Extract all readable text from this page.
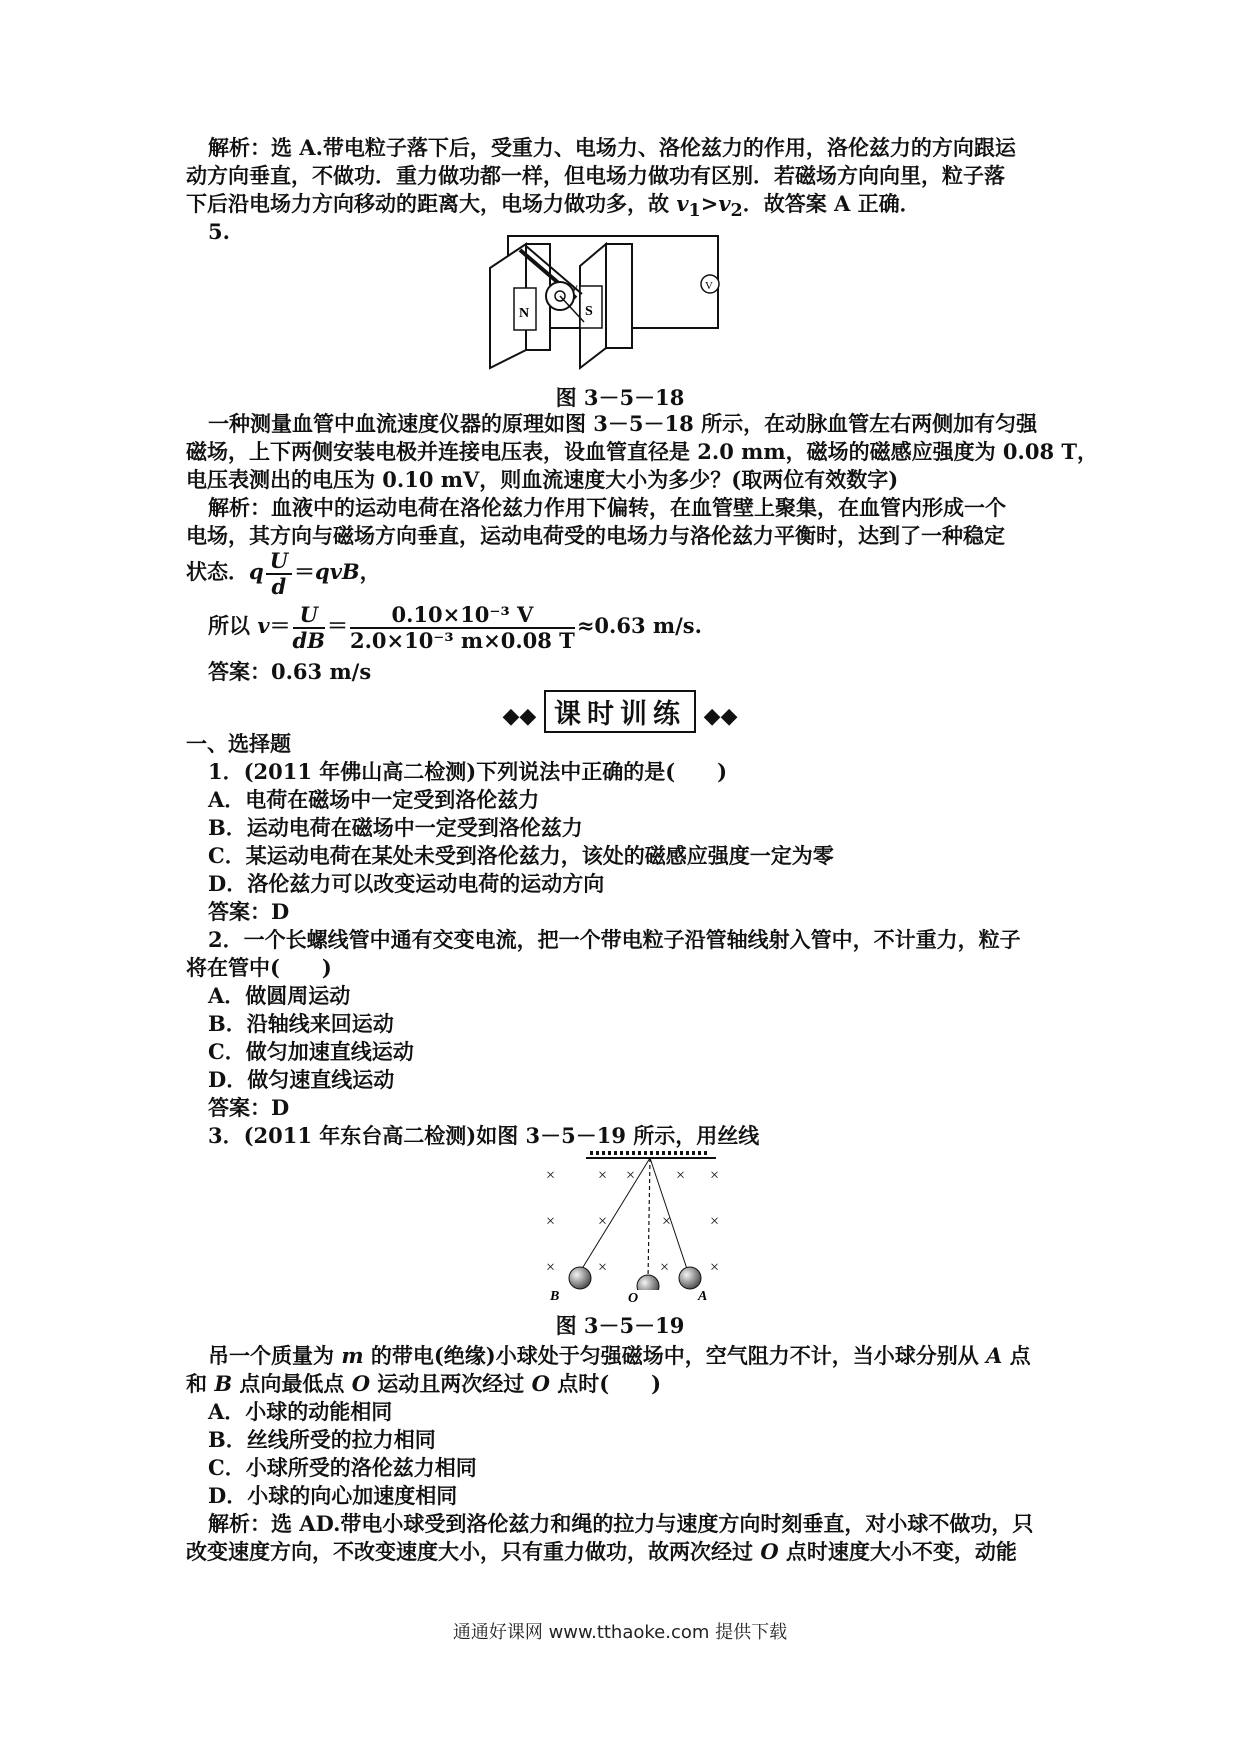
解析：选 A.带电粒子落下后，受重力、电场力、洛伦兹力的作用，洛伦兹力的方向跟运
动方向垂直，不做功．重力做功都一样，但电场力做功有区别．若磁场方向向里，粒子落
下后沿电场力方向移动的距离大，电场力做功多，故 $v_1>v_2$．故答案 A 正确．
5.
N	S
v	V
图 3－5－18
一种测量血管中血流速度仪器的原理如图 3－5－18 所示，在动脉血管左右两侧加有匀强
磁场，上下两侧安装电极并连接电压表，设血管直径是 2.0 mm，磁场的磁感应强度为 0.08 T，
电压表测出的电压为 0.10 mV，则血流速度大小为多少？(取两位有效数字)
解析：血液中的运动电荷在洛伦兹力作用下偏转，在血管壁上聚集，在血管内形成一个
电场，其方向与磁场方向垂直，运动电荷受的电场力与洛伦兹力平衡时，达到了一种稳定
状态．q $\frac{U}{d} =qvB$，
所以 $v= \frac{U}{dB} = \frac{\text{0.10×10⁻³ V}}{\text{2.0×10⁻³ m×0.08 T}} \approx 0.63$ m/s.
答案：0.63 m/s
◆◆ 课时训练 ◆◆
一、选择题
1．(2011 年佛山高二检测)下列说法中正确的是(　　)
A．电荷在磁场中一定受到洛伦兹力
B．运动电荷在磁场中一定受到洛伦兹力
C．某运动电荷在某处未受到洛伦兹力，该处的磁感应强度一定为零
D．洛伦兹力可以改变运动电荷的运动方向
答案：D
2．一个长螺线管中通有交变电流，把一个带电粒子沿管轴线射入管中，不计重力，粒子
将在管中(　　)
A．做圆周运动
B．沿轴线来回运动
C．做匀加速直线运动
D．做匀速直线运动
答案：D
3．(2011 年东台高二检测)如图 3－5－19 所示，用丝线
×	× ×	× ×
×	×	× ×
×	×	×	×
B	O	A
图 3－5－19
吊一个质量为 m 的带电(绝缘)小球处于匀强磁场中，空气阻力不计，当小球分别从 A 点
和 B 点向最低点 O 运动且两次经过 O 点时(　　)
A．小球的动能相同
B．丝线所受的拉力相同
C．小球所受的洛伦兹力相同
D．小球的向心加速度相同
解析：选 AD.带电小球受到洛伦兹力和绳的拉力与速度方向时刻垂直，对小球不做功，只
改变速度方向，不改变速度大小，只有重力做功，故两次经过 O 点时速度大小不变，动能
通通好课网 www.tthaoke.com 提供下载
